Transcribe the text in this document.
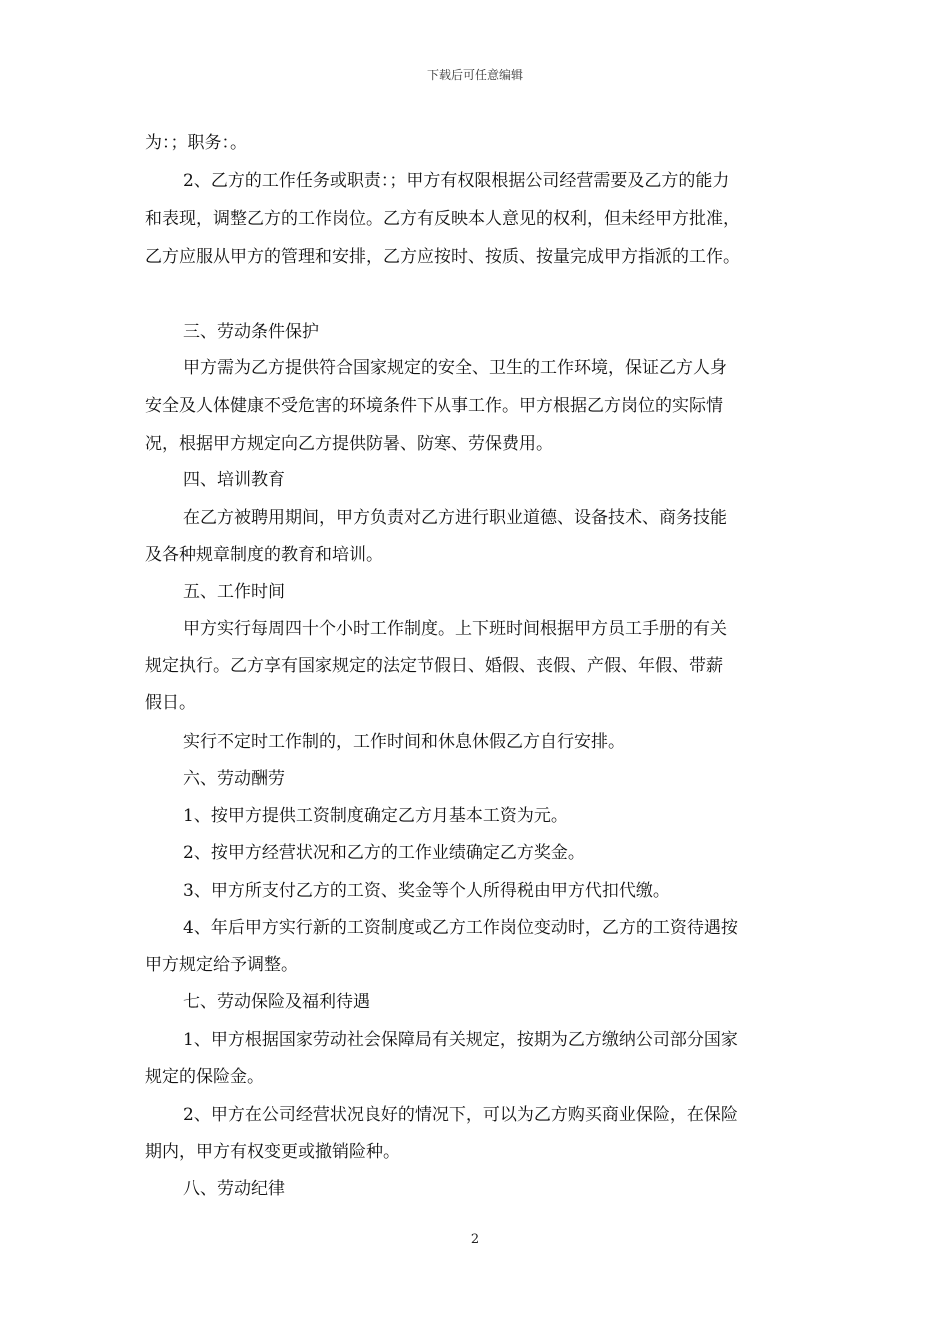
下载后可任意编辑
为：；职务：。
2、乙方的工作任务或职责：；甲方有权限根据公司经营需要及乙方的能力
和表现，调整乙方的工作岗位。乙方有反映本人意见的权利，但未经甲方批准，
乙方应服从甲方的管理和安排，乙方应按时、按质、按量完成甲方指派的工作。
三、劳动条件保护
甲方需为乙方提供符合国家规定的安全、卫生的工作环境，保证乙方人身
安全及人体健康不受危害的环境条件下从事工作。甲方根据乙方岗位的实际情
况，根据甲方规定向乙方提供防暑、防寒、劳保费用。
四、培训教育
在乙方被聘用期间，甲方负责对乙方进行职业道德、设备技术、商务技能
及各种规章制度的教育和培训。
五、工作时间
甲方实行每周四十个小时工作制度。上下班时间根据甲方员工手册的有关
规定执行。乙方享有国家规定的法定节假日、婚假、丧假、产假、年假、带薪
假日。
实行不定时工作制的，工作时间和休息休假乙方自行安排。
六、劳动酬劳
1、按甲方提供工资制度确定乙方月基本工资为元。
2、按甲方经营状况和乙方的工作业绩确定乙方奖金。
3、甲方所支付乙方的工资、奖金等个人所得税由甲方代扣代缴。
4、年后甲方实行新的工资制度或乙方工作岗位变动时，乙方的工资待遇按
甲方规定给予调整。
七、劳动保险及福利待遇
1、甲方根据国家劳动社会保障局有关规定，按期为乙方缴纳公司部分国家
规定的保险金。
2、甲方在公司经营状况良好的情况下，可以为乙方购买商业保险，在保险
期内，甲方有权变更或撤销险种。
八、劳动纪律
2
